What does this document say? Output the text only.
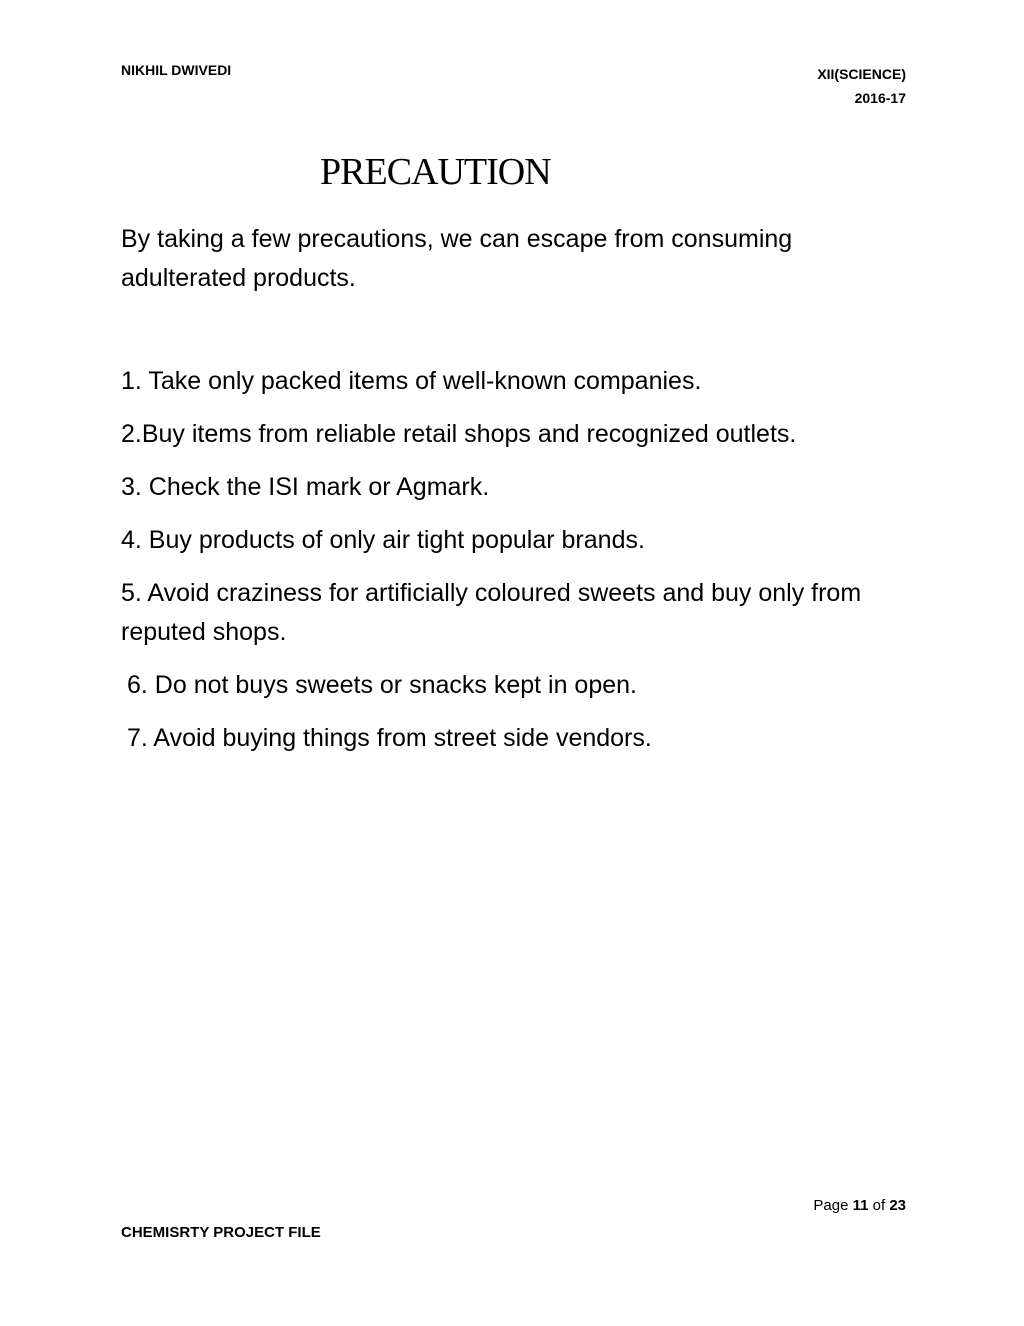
NIKHIL DWIVEDI	XII(SCIENCE)
2016-17
PRECAUTION

By taking a few precautions, we can escape from consuming adulterated products.

1. Take only packed items of well-known companies.
2.Buy items from reliable retail shops and recognized outlets.
3. Check the ISI mark or Agmark.
4. Buy products of only air tight popular brands.
5. Avoid craziness for artificially coloured sweets and buy only from reputed shops.
6. Do not buys sweets or snacks kept in open.
7. Avoid buying things from street side vendors.
Page 11 of 23
CHEMISRTY PROJECT FILE
